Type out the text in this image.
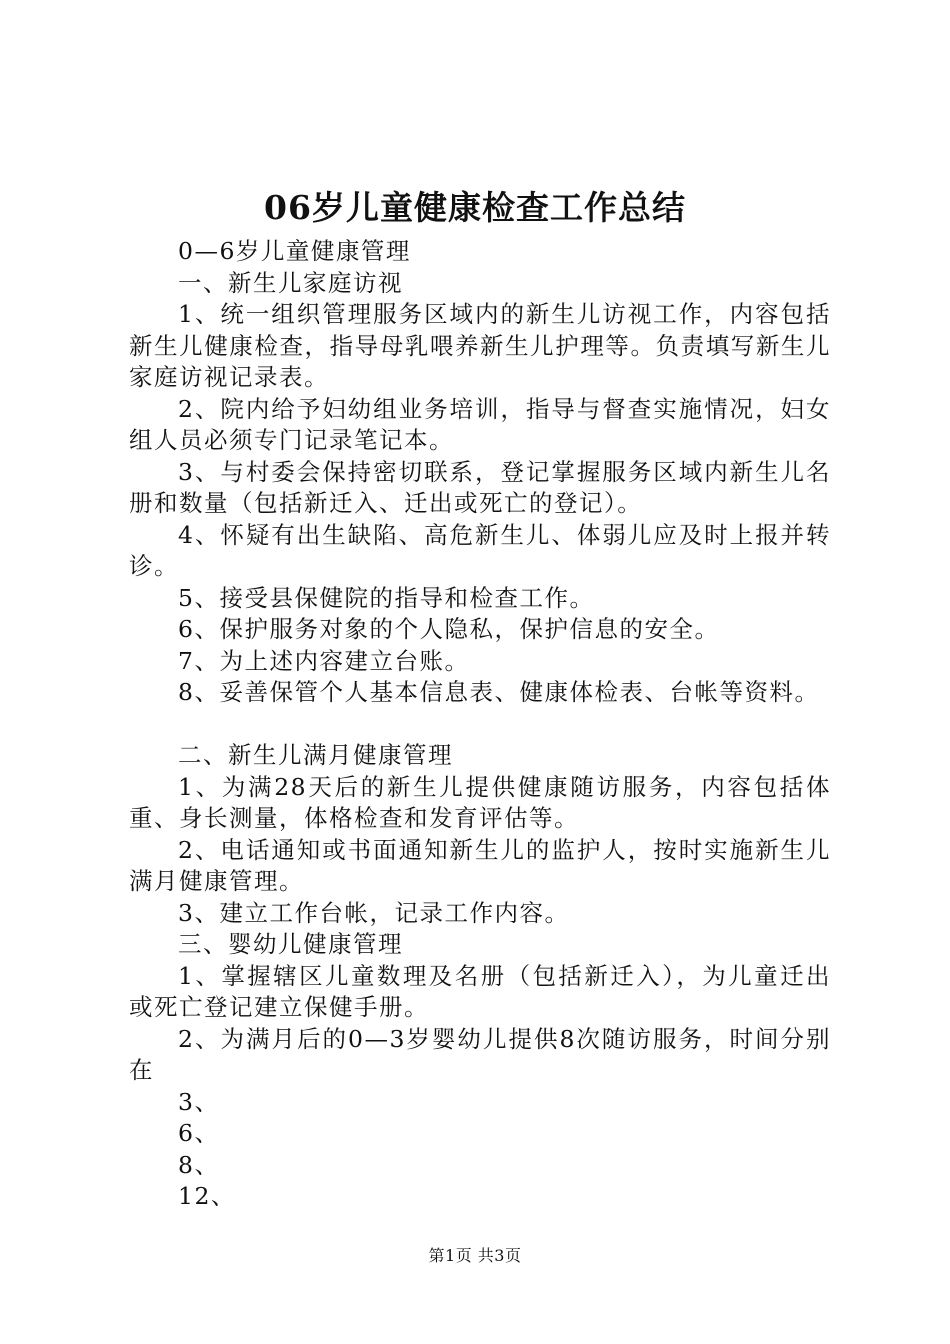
06岁儿童健康检查工作总结

0—6岁儿童健康管理

一、新生儿家庭访视

1、统一组织管理服务区域内的新生儿访视工作，内容包括新生儿健康检查，指导母乳喂养新生儿护理等。负责填写新生儿家庭访视记录表。

2、院内给予妇幼组业务培训，指导与督查实施情况，妇女组人员必须专门记录笔记本。

3、与村委会保持密切联系，登记掌握服务区域内新生儿名册和数量（包括新迁入、迁出或死亡的登记）。

4、怀疑有出生缺陷、高危新生儿、体弱儿应及时上报并转诊。

5、接受县保健院的指导和检查工作。

6、保护服务对象的个人隐私，保护信息的安全。

7、为上述内容建立台账。

8、妥善保管个人基本信息表、健康体检表、台帐等资料。

二、新生儿满月健康管理

1、为满28天后的新生儿提供健康随访服务，内容包括体重、身长测量，体格检查和发育评估等。

2、电话通知或书面通知新生儿的监护人，按时实施新生儿满月健康管理。

3、建立工作台帐，记录工作内容。

三、婴幼儿健康管理

1、掌握辖区儿童数理及名册（包括新迁入），为儿童迁出或死亡登记建立保健手册。

2、为满月后的0—3岁婴幼儿提供8次随访服务，时间分别在

3、

6、

8、

12、

第1页 共3页
